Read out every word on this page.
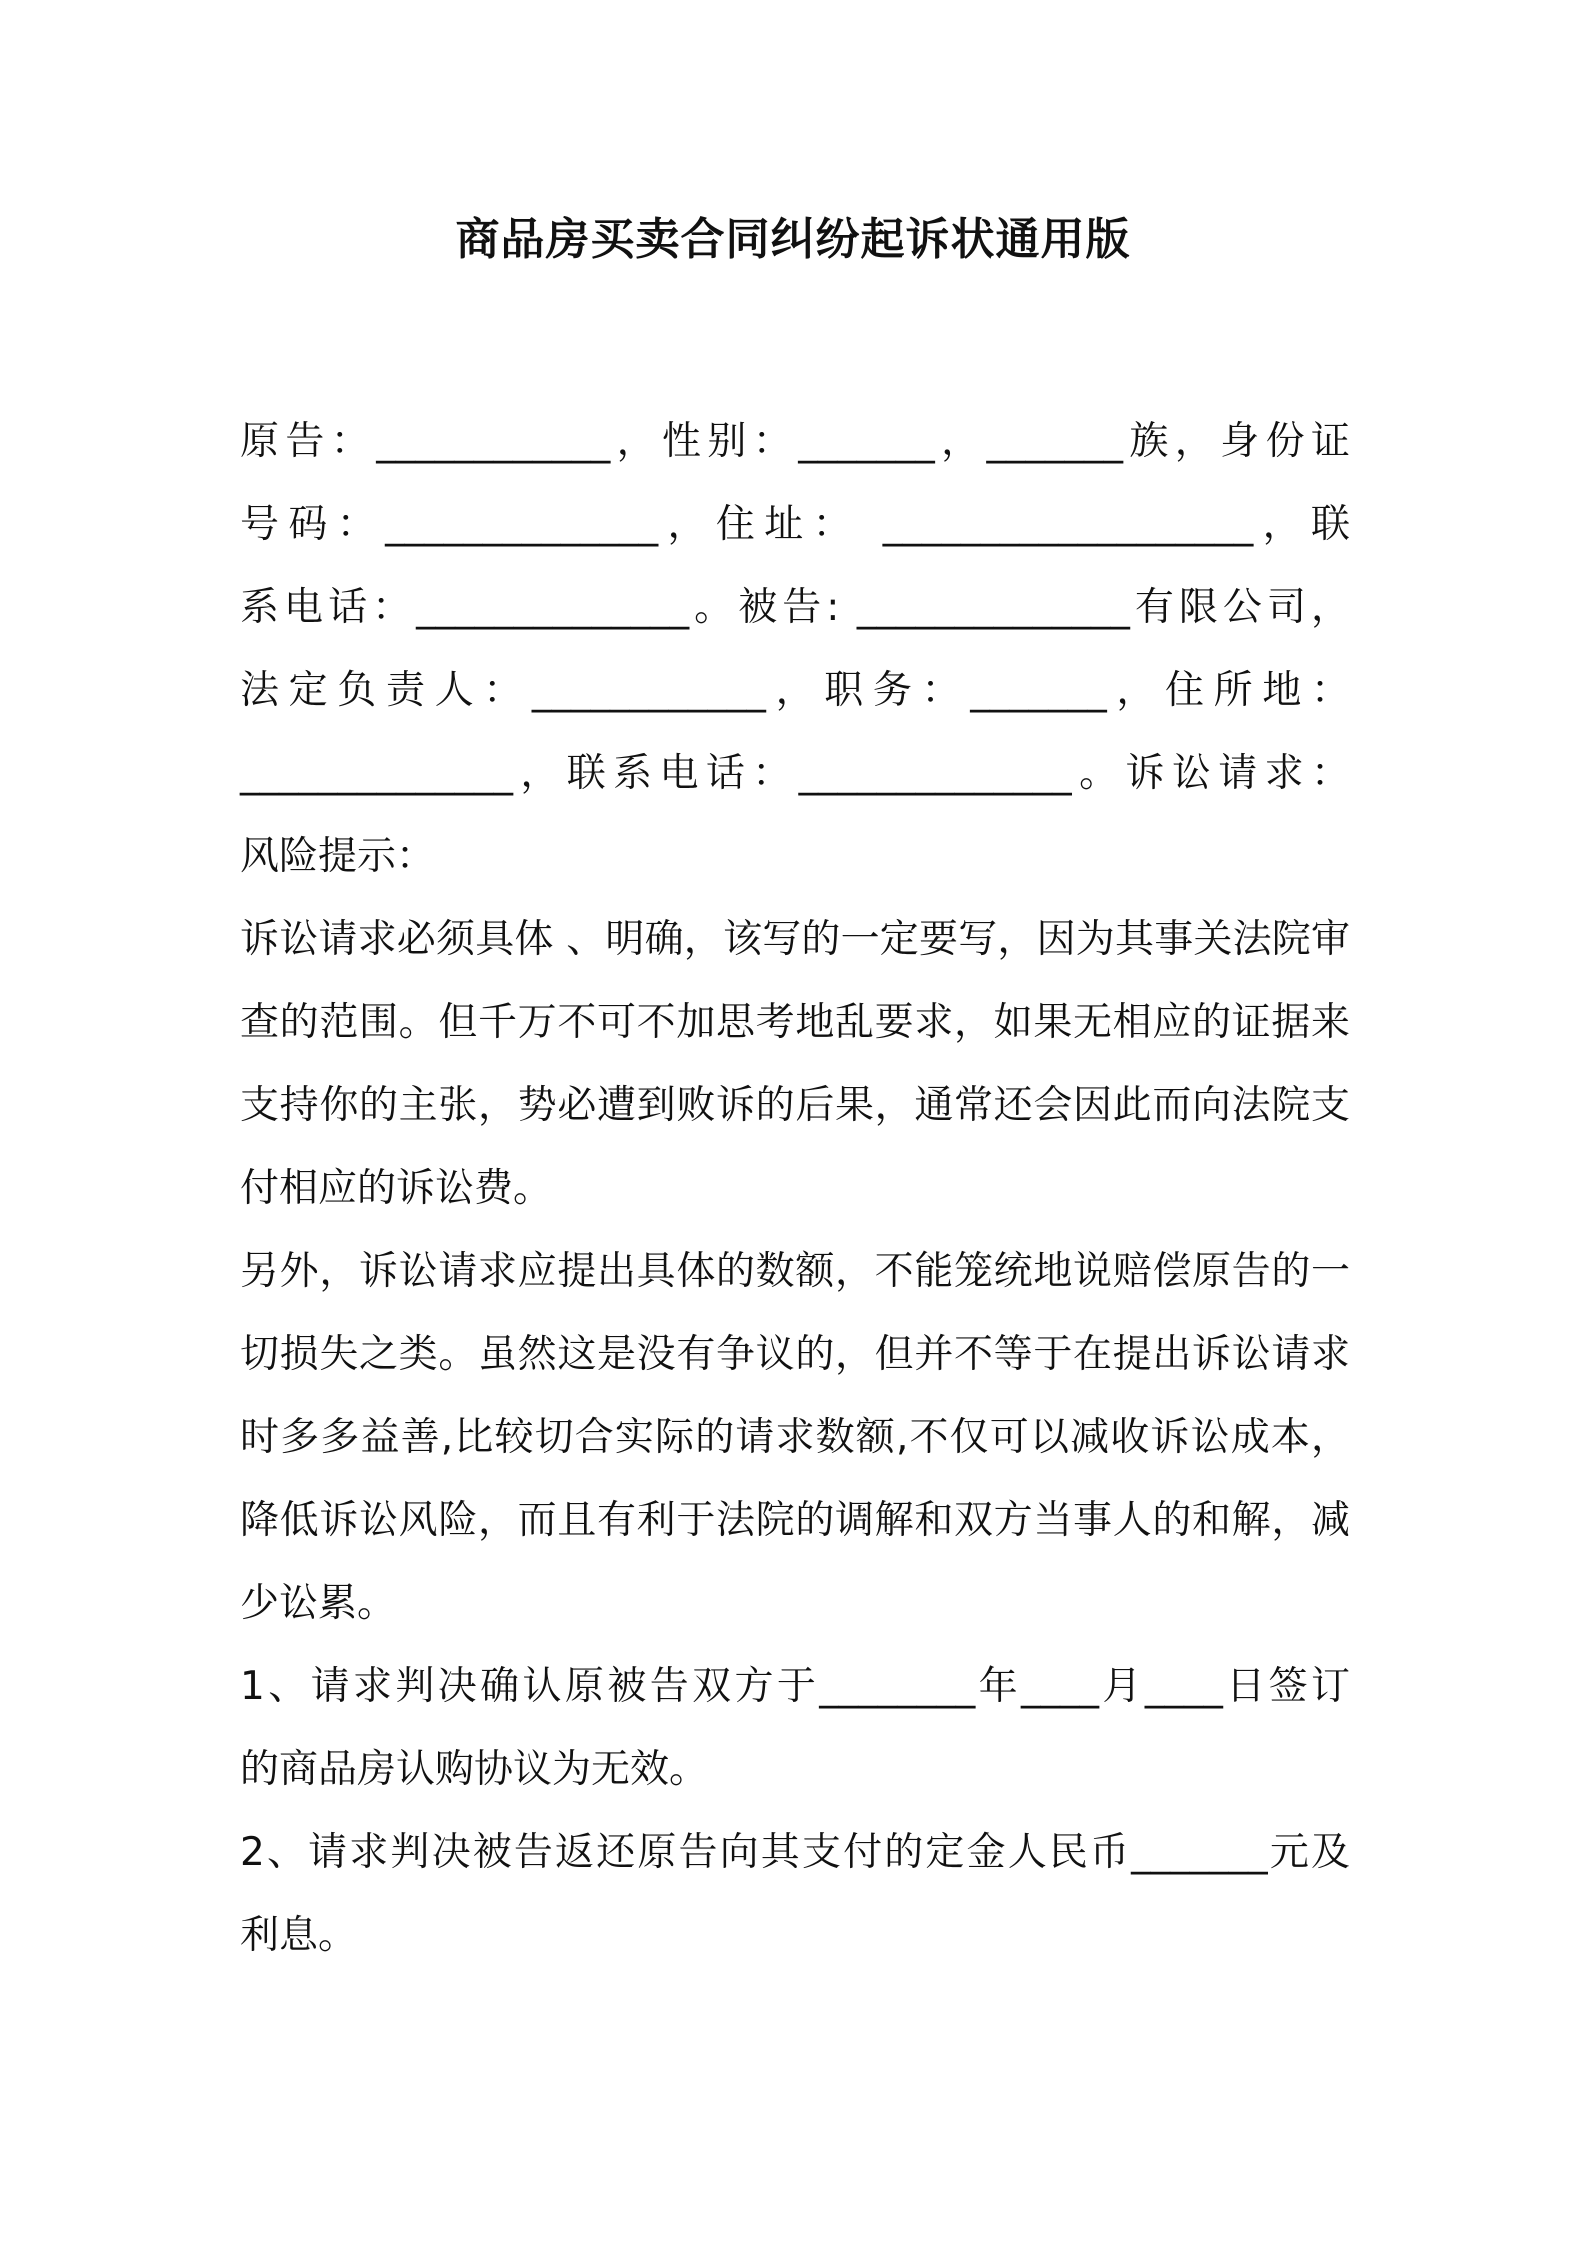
商品房买卖合同纠纷起诉状通用版
原告：____________，性别：_______，_______族，身份证
号码：______________，住址： ___________________，联
系电话：______________。被告: ______________有限公司，
法定负责人：____________，职务：_______，住所地：
______________，联系电话：______________。诉讼请求：
风险提示：
诉讼请求必须具体 、明确，该写的一定要写，因为其事关法院审
查的范围。但千万不可不加思考地乱要求，如果无相应的证据来
支持你的主张，势必遭到败诉的后果，通常还会因此而向法院支
付相应的诉讼费。
另外，诉讼请求应提出具体的数额，不能笼统地说赔偿原告的一
切损失之类。虽然这是没有争议的，但并不等于在提出诉讼请求
时多多益善,比较切合实际的请求数额,不仅可以减收诉讼成本，
降低诉讼风险，而且有利于法院的调解和双方当事人的和解，减
少讼累。
1、请求判决确认原被告双方于________年____月____日签订
的商品房认购协议为无效。
2、请求判决被告返还原告向其支付的定金人民币_______元及
利息。
